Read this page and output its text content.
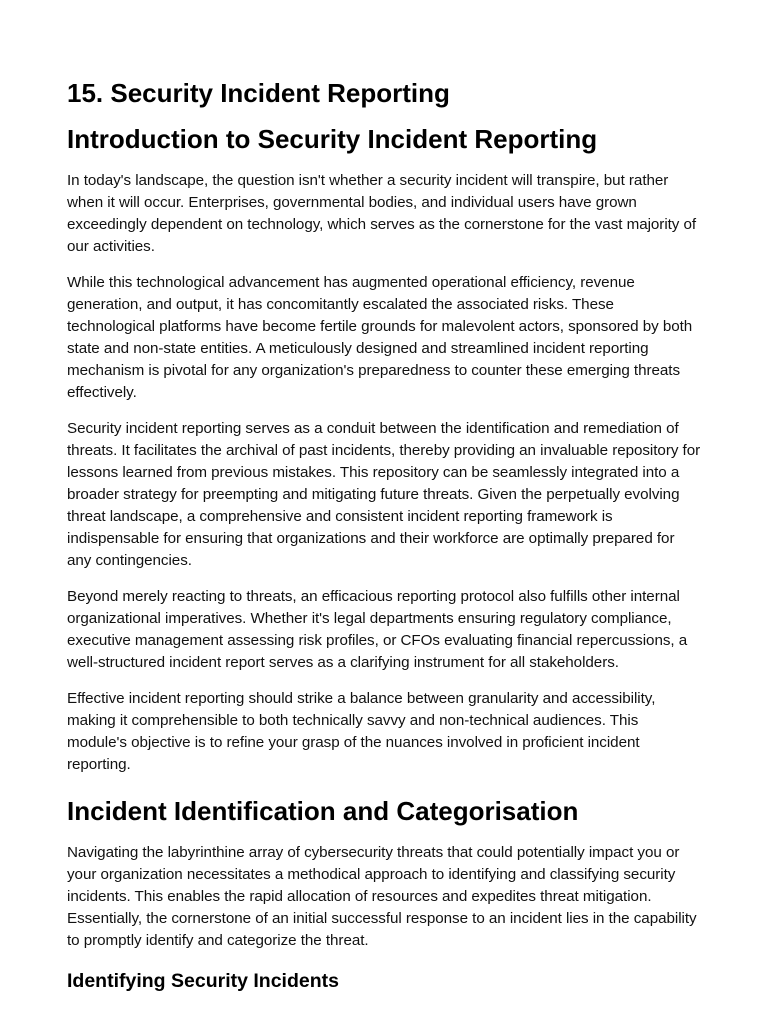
15. Security Incident Reporting
Introduction to Security Incident Reporting

In today's landscape, the question isn't whether a security incident will transpire, but rather when it will occur. Enterprises, governmental bodies, and individual users have grown exceedingly dependent on technology, which serves as the cornerstone for the vast majority of our activities.

While this technological advancement has augmented operational efficiency, revenue generation, and output, it has concomitantly escalated the associated risks. These technological platforms have become fertile grounds for malevolent actors, sponsored by both state and non-state entities. A meticulously designed and streamlined incident reporting mechanism is pivotal for any organization's preparedness to counter these emerging threats effectively.

Security incident reporting serves as a conduit between the identification and remediation of threats. It facilitates the archival of past incidents, thereby providing an invaluable repository for lessons learned from previous mistakes. This repository can be seamlessly integrated into a broader strategy for preempting and mitigating future threats. Given the perpetually evolving threat landscape, a comprehensive and consistent incident reporting framework is indispensable for ensuring that organizations and their workforce are optimally prepared for any contingencies.

Beyond merely reacting to threats, an efficacious reporting protocol also fulfills other internal organizational imperatives. Whether it's legal departments ensuring regulatory compliance, executive management assessing risk profiles, or CFOs evaluating financial repercussions, a well-structured incident report serves as a clarifying instrument for all stakeholders.

Effective incident reporting should strike a balance between granularity and accessibility, making it comprehensible to both technically savvy and non-technical audiences. This module's objective is to refine your grasp of the nuances involved in proficient incident reporting.

Incident Identification and Categorisation

Navigating the labyrinthine array of cybersecurity threats that could potentially impact you or your organization necessitates a methodical approach to identifying and classifying security incidents. This enables the rapid allocation of resources and expedites threat mitigation. Essentially, the cornerstone of an initial successful response to an incident lies in the capability to promptly identify and categorize the threat.

Identifying Security Incidents
